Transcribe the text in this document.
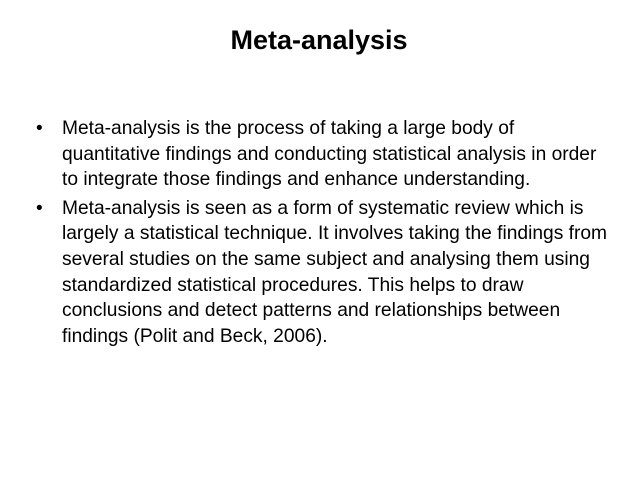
Meta-analysis
•	Meta-analysis is the process of taking a large body of quantitative findings and conducting statistical analysis in order to integrate those findings and enhance understanding.
•	Meta-analysis is seen as a form of systematic review which is largely a statistical technique. It involves taking the findings from several studies on the same subject and analysing them using standardized statistical procedures. This helps to draw conclusions and detect patterns and relationships between findings (Polit and Beck, 2006).
